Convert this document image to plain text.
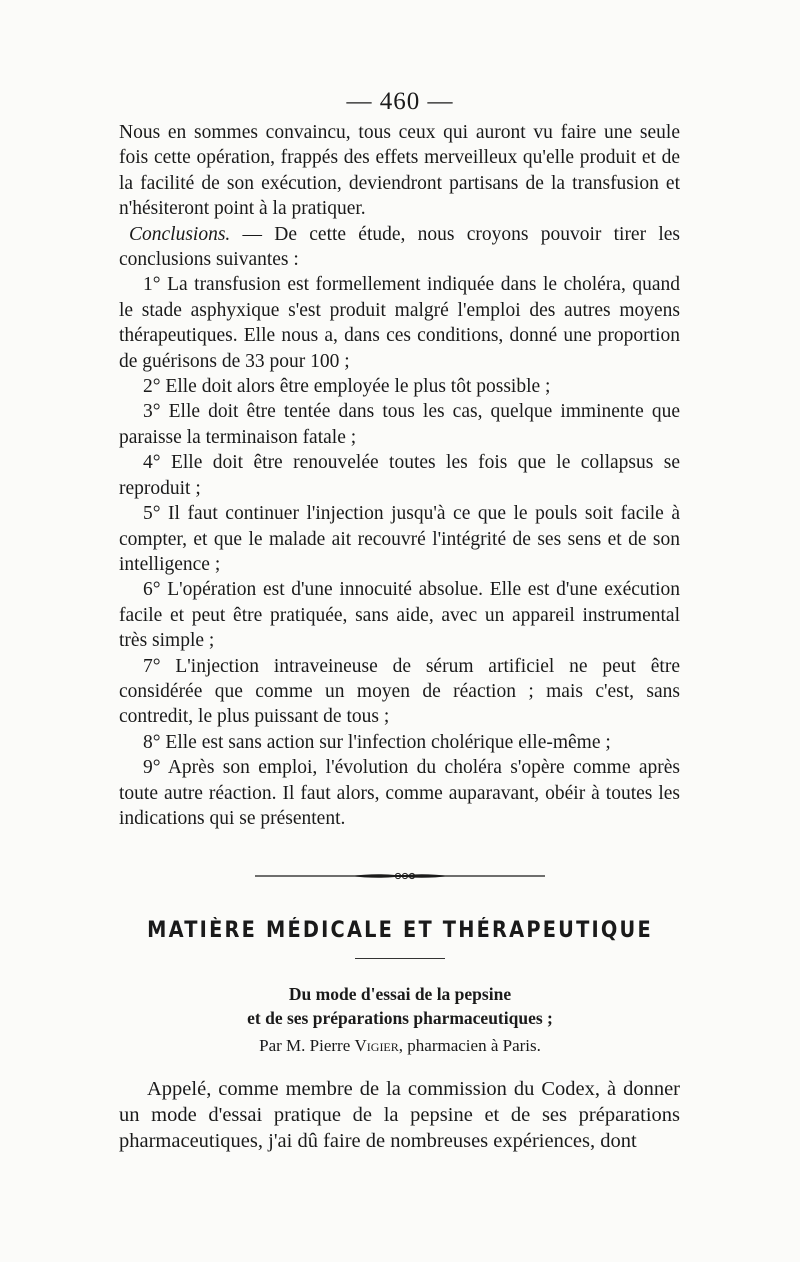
— 460 —

Nous en sommes convaincu, tous ceux qui auront vu faire une seule fois cette opération, frappés des effets merveilleux qu'elle produit et de la facilité de son exécution, deviendront partisans de la transfusion et n'hésiteront point à la pratiquer.

Conclusions. — De cette étude, nous croyons pouvoir tirer les conclusions suivantes :

1° La transfusion est formellement indiquée dans le choléra, quand le stade asphyxique s'est produit malgré l'emploi des autres moyens thérapeutiques. Elle nous a, dans ces conditions, donné une proportion de guérisons de 33 pour 100 ;

2° Elle doit alors être employée le plus tôt possible ;

3° Elle doit être tentée dans tous les cas, quelque imminente que paraisse la terminaison fatale ;

4° Elle doit être renouvelée toutes les fois que le collapsus se reproduit ;

5° Il faut continuer l'injection jusqu'à ce que le pouls soit facile à compter, et que le malade ait recouvré l'intégrité de ses sens et de son intelligence ;

6° L'opération est d'une innocuité absolue. Elle est d'une exécution facile et peut être pratiquée, sans aide, avec un appareil instrumental très simple ;

7° L'injection intraveineuse de sérum artificiel ne peut être considérée que comme un moyen de réaction ; mais c'est, sans contredit, le plus puissant de tous ;

8° Elle est sans action sur l'infection cholérique elle-même ;

9° Après son emploi, l'évolution du choléra s'opère comme après toute autre réaction. Il faut alors, comme auparavant, obéir à toutes les indications qui se présentent.

MATIÈRE MÉDICALE ET THÉRAPEUTIQUE
Du mode d'essai de la pepsine
et de ses préparations pharmaceutiques ;
Par M. Pierre Vigier, pharmacien à Paris.

Appelé, comme membre de la commission du Codex, à donner un mode d'essai pratique de la pepsine et de ses préparations pharmaceutiques, j'ai dû faire de nombreuses expériences, dont
